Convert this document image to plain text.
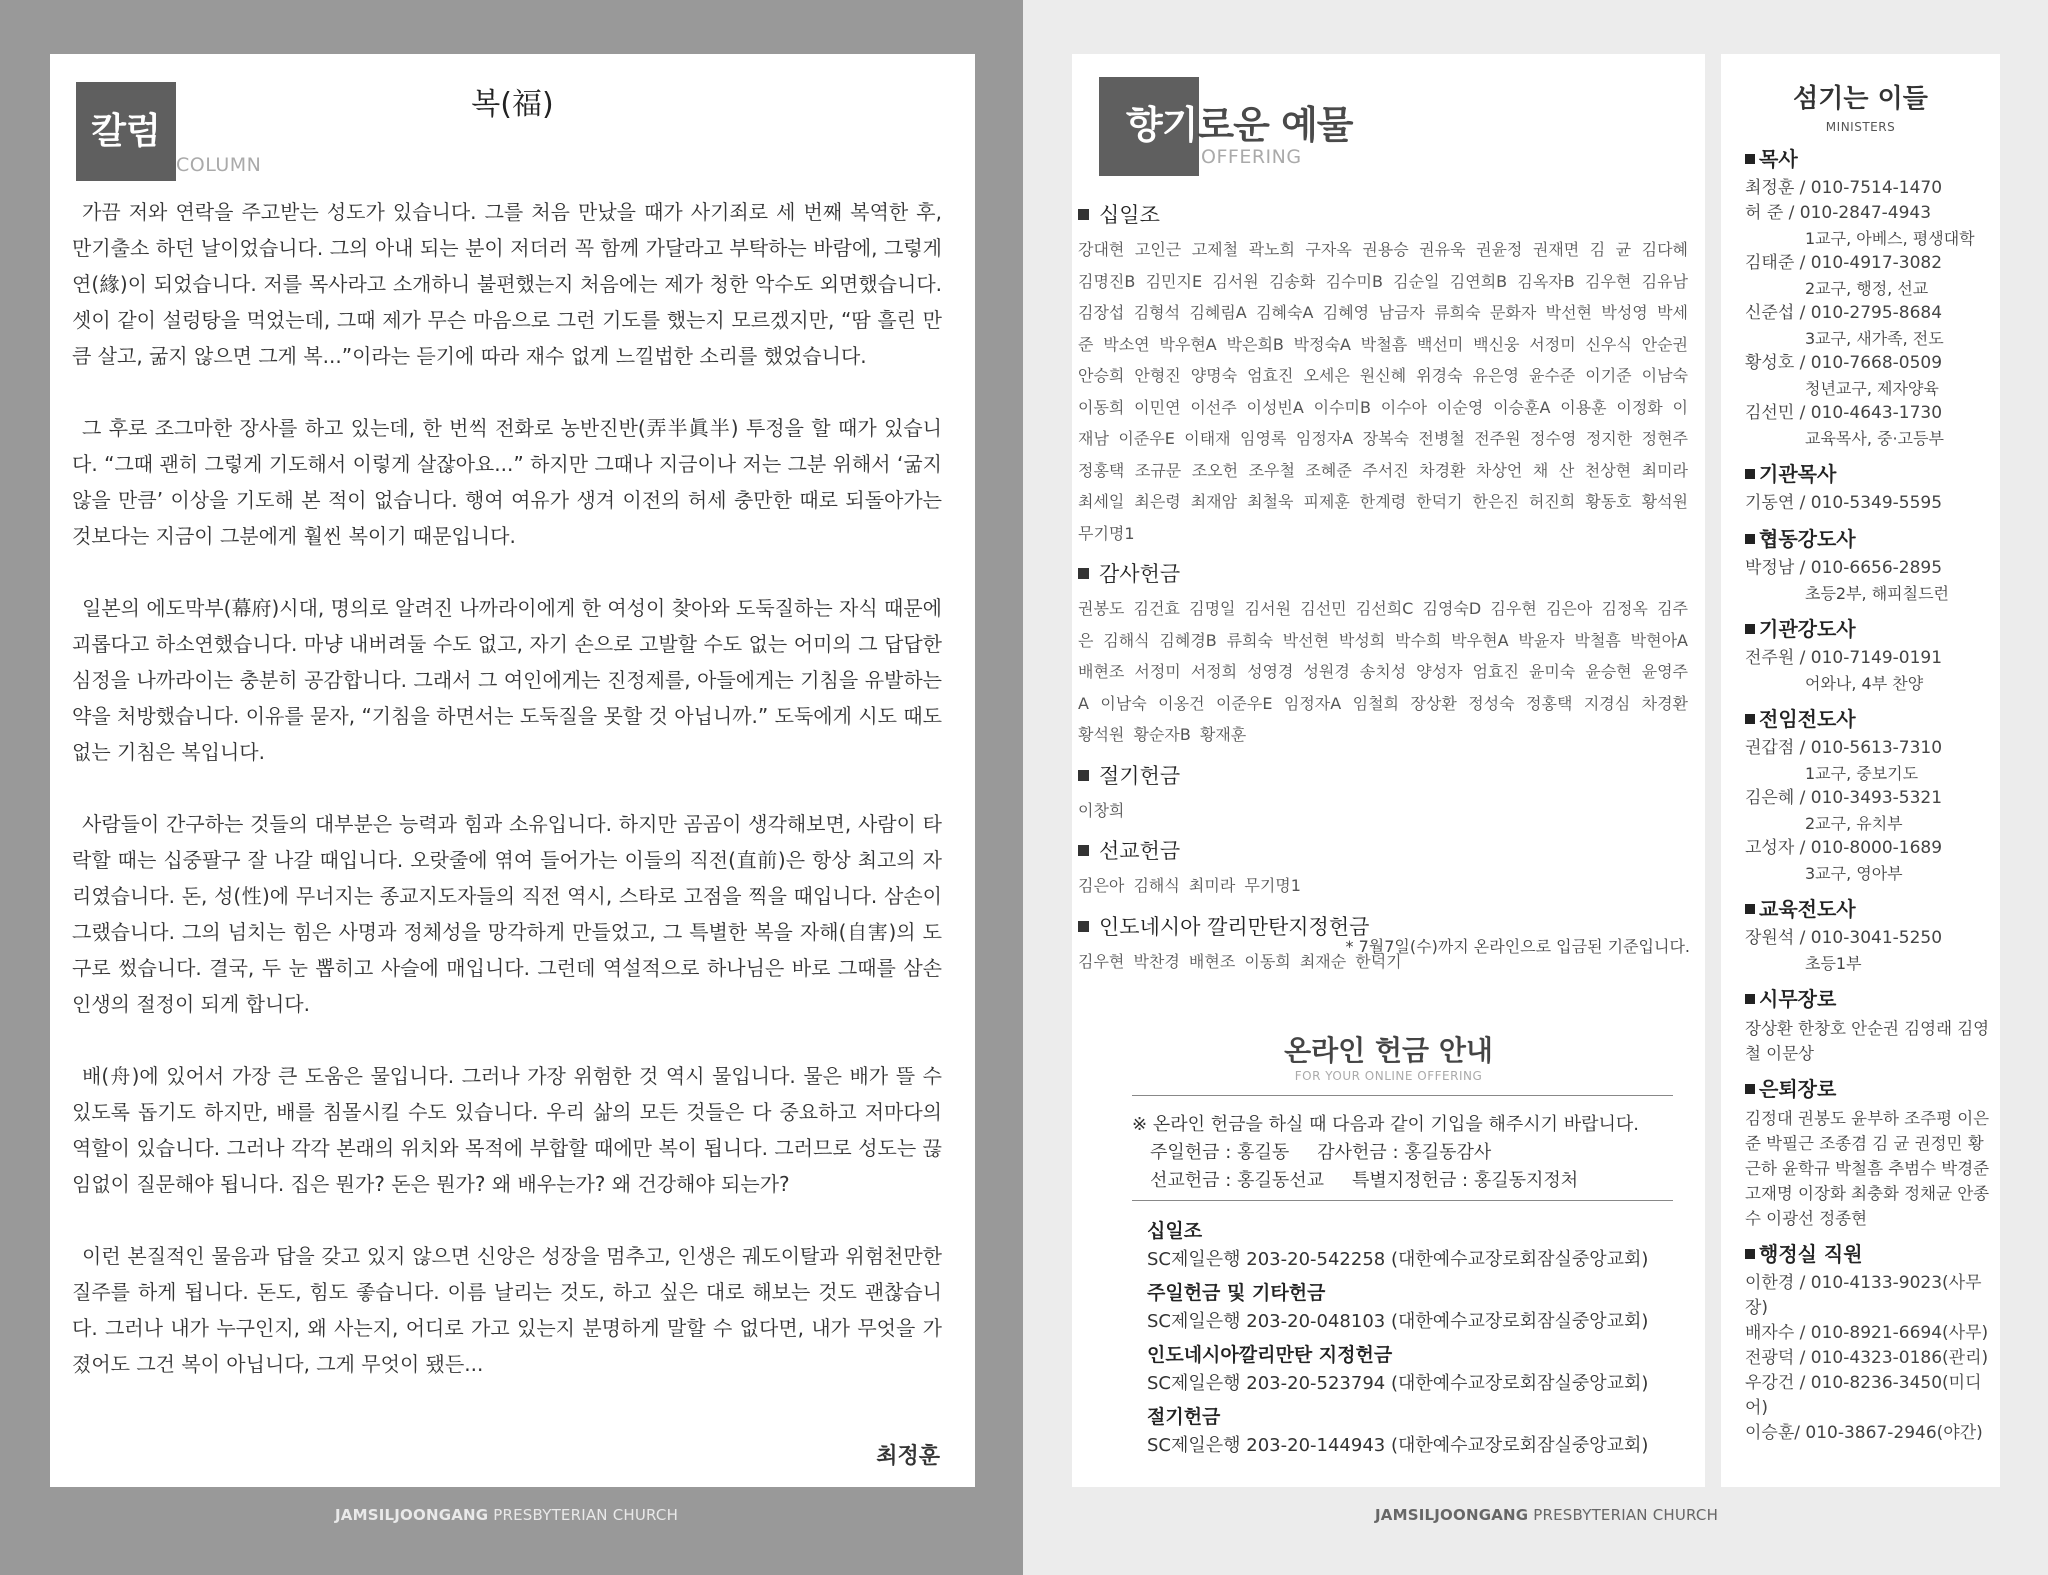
칼럼
COLUMN
복(福)

가끔 저와 연락을 주고받는 성도가 있습니다. 그를 처음 만났을 때가 사기죄로 세 번째 복역한 후, 만기출소 하던 날이었습니다. 그의 아내 되는 분이 저더러 꼭 함께 가달라고 부탁하는 바람에, 그렇게 연(緣)이 되었습니다. 저를 목사라고 소개하니 불편했는지 처음에는 제가 청한 악수도 외면했습니다. 셋이 같이 설렁탕을 먹었는데, 그때 제가 무슨 마음으로 그런 기도를 했는지 모르겠지만, “땀 흘린 만큼 살고, 굶지 않으면 그게 복...”이라는 듣기에 따라 재수 없게 느낄법한 소리를 했었습니다.

그 후로 조그마한 장사를 하고 있는데, 한 번씩 전화로 농반진반(弄半眞半) 투정을 할 때가 있습니다. “그때 괜히 그렇게 기도해서 이렇게 살잖아요...” 하지만 그때나 지금이나 저는 그분 위해서 ‘굶지 않을 만큼’ 이상을 기도해 본 적이 없습니다. 행여 여유가 생겨 이전의 허세 충만한 때로 되돌아가는 것보다는 지금이 그분에게 훨씬 복이기 때문입니다.

일본의 에도막부(幕府)시대, 명의로 알려진 나까라이에게 한 여성이 찾아와 도둑질하는 자식 때문에 괴롭다고 하소연했습니다. 마냥 내버려둘 수도 없고, 자기 손으로 고발할 수도 없는 어미의 그 답답한 심정을 나까라이는 충분히 공감합니다. 그래서 그 여인에게는 진정제를, 아들에게는 기침을 유발하는 약을 처방했습니다. 이유를 묻자, “기침을 하면서는 도둑질을 못할 것 아닙니까.” 도둑에게 시도 때도 없는 기침은 복입니다.

사람들이 간구하는 것들의 대부분은 능력과 힘과 소유입니다. 하지만 곰곰이 생각해보면, 사람이 타락할 때는 십중팔구 잘 나갈 때입니다. 오랏줄에 엮여 들어가는 이들의 직전(直前)은 항상 최고의 자리였습니다. 돈, 성(性)에 무너지는 종교지도자들의 직전 역시, 스타로 고점을 찍을 때입니다. 삼손이 그랬습니다. 그의 넘치는 힘은 사명과 정체성을 망각하게 만들었고, 그 특별한 복을 자해(自害)의 도구로 썼습니다. 결국, 두 눈 뽑히고 사슬에 매입니다. 그런데 역설적으로 하나님은 바로 그때를 삼손 인생의 절정이 되게 합니다.

배(舟)에 있어서 가장 큰 도움은 물입니다. 그러나 가장 위험한 것 역시 물입니다. 물은 배가 뜰 수 있도록 돕기도 하지만, 배를 침몰시킬 수도 있습니다. 우리 삶의 모든 것들은 다 중요하고 저마다의 역할이 있습니다. 그러나 각각 본래의 위치와 목적에 부합할 때에만 복이 됩니다. 그러므로 성도는 끊임없이 질문해야 됩니다. 집은 뭔가? 돈은 뭔가? 왜 배우는가? 왜 건강해야 되는가?

이런 본질적인 물음과 답을 갖고 있지 않으면 신앙은 성장을 멈추고, 인생은 궤도이탈과 위험천만한 질주를 하게 됩니다. 돈도, 힘도 좋습니다. 이름 날리는 것도, 하고 싶은 대로 해보는 것도 괜찮습니다. 그러나 내가 누구인지, 왜 사는지, 어디로 가고 있는지 분명하게 말할 수 없다면, 내가 무엇을 가졌어도 그건 복이 아닙니다, 그게 무엇이 됐든...

최정훈
JAMSILJOONGANG PRESBYTERIAN CHURCH
향기로운 예물
OFFERING
십일조
강대현 고인근 고제철 곽노희 구자옥 권용승 권유욱 권윤정 권재면 김 균 김다혜 김명진B 김민지E 김서원 김송화 김수미B 김순일 김연희B 김옥자B 김우현 김유남 김장섭 김형석 김혜림A 김혜숙A 김혜영 남금자 류희숙 문화자 박선현 박성영 박세준 박소연 박우현A 박은희B 박정숙A 박철흠 백선미 백신웅 서정미 신우식 안순권 안승희 안형진 양명숙 엄효진 오세은 원신혜 위경숙 유은영 윤수준 이기준 이남숙 이동희 이민연 이선주 이성빈A 이수미B 이수아 이순영 이승훈A 이용훈 이정화 이재남 이준우E 이태재 임영록 임정자A 장복숙 전병철 전주원 정수영 정지한 정현주 정홍택 조규문 조오헌 조우철 조혜준 주서진 차경환 차상언 채 산 천상현 최미라 최세일 최은령 최재암 최철욱 피제훈 한계령 한덕기 한은진 허진희 황동호 황석원 무기명1
감사헌금
권봉도 김건효 김명일 김서원 김선민 김선희C 김영숙D 김우현 김은아 김정옥 김주은 김해식 김혜경B 류희숙 박선현 박성희 박수희 박우현A 박윤자 박철흠 박현아A 배현조 서정미 서정희 성영경 성원경 송치성 양성자 엄효진 윤미숙 윤승현 윤영주A 이남숙 이옹건 이준우E 임정자A 임철희 장상환 정성숙 정홍택 지경심 차경환 황석원 황순자B 황재훈
절기헌금
이창희
선교헌금
김은아 김해식 최미라 무기명1
인도네시아 깔리만탄지정헌금
김우현 박찬경 배현조 이동희 최재순 한덕기
* 7월7일(수)까지 온라인으로 입금된 기준입니다.
온라인 헌금 안내
FOR YOUR ONLINE OFFERING
※ 온라인 헌금을 하실 때 다음과 같이 기입을 해주시기 바랍니다.
주일헌금 : 홍길동 감사헌금 : 홍길동감사
선교헌금 : 홍길동선교 특별지정헌금 : 홍길동지정처
십일조
SC제일은행 203-20-542258 (대한예수교장로회잠실중앙교회)
주일헌금 및 기타헌금
SC제일은행 203-20-048103 (대한예수교장로회잠실중앙교회)
인도네시아깔리만탄 지정헌금
SC제일은행 203-20-523794 (대한예수교장로회잠실중앙교회)
절기헌금
SC제일은행 203-20-144943 (대한예수교장로회잠실중앙교회)
JAMSILJOONGANG PRESBYTERIAN CHURCH
섬기는 이들
MINISTERS
목사
최정훈 / 010-7514-1470
허 준 / 010-2847-4943
1교구, 아베스, 평생대학
김태준 / 010-4917-3082
2교구, 행정, 선교
신준섭 / 010-2795-8684
3교구, 새가족, 전도
황성호 / 010-7668-0509
청년교구, 제자양육
김선민 / 010-4643-1730
교육목사, 중·고등부
기관목사
기동연 / 010-5349-5595
협동강도사
박정남 / 010-6656-2895
초등2부, 해피칠드런
기관강도사
전주원 / 010-7149-0191
어와나, 4부 찬양
전임전도사
권갑점 / 010-5613-7310
1교구, 중보기도
김은혜 / 010-3493-5321
2교구, 유치부
고성자 / 010-8000-1689
3교구, 영아부
교육전도사
장원석 / 010-3041-5250
초등1부
시무장로
장상환 한창호 안순권 김영래 김영철 이문상
은퇴장로
김정대 권봉도 윤부하 조주평 이은준 박필근 조종겸 김 균 권정민 황근하 윤학규 박철흠 추범수 박경준 고재명 이장화 최충화 정채균 안종수 이광선 정종현
행정실 직원
이한경 / 010-4133-9023(사무장)
배자수 / 010-8921-6694(사무)
전광덕 / 010-4323-0186(관리)
우강건 / 010-8236-3450(미디어)
이승훈/ 010-3867-2946(야간)
